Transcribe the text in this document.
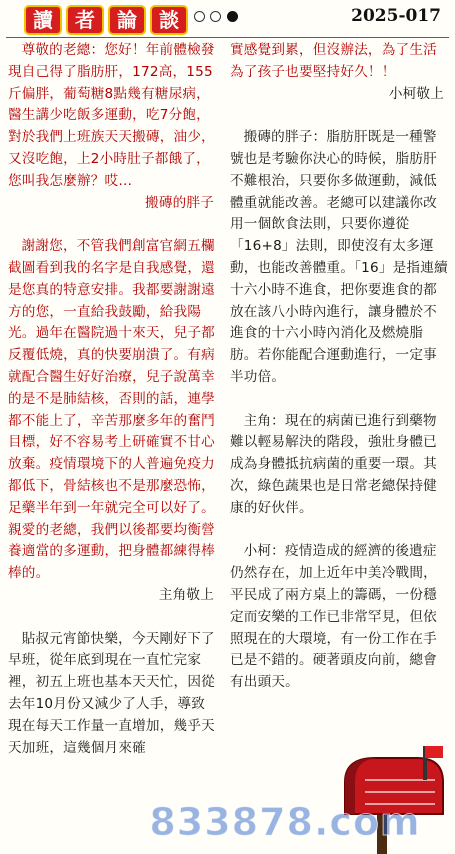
讀	者	論	談	2025-017

尊敬的老總：您好！年前體檢發現自己得了脂肪肝，172高，155斤偏胖，葡萄糖8點幾有糖尿病，醫生講少吃飯多運動，吃7分飽，對於我們上班族天天搬磚，油少，又沒吃飽，上2小時肚子都餓了，您叫我怎麼辦？哎…

搬磚的胖子

謝謝您，不管我們創富官網五欄截圖看到我的名字是自我感覺，還是您真的特意安排。我都要謝謝遠方的您，一直給我鼓勵，給我陽光。過年在醫院過十來天，兒子都反覆低燒，真的快要崩潰了。有病就配合醫生好好治療，兒子說萬幸的是不是肺結核，否則的話，連學都不能上了，辛苦那麼多年的奮鬥目標，好不容易考上研確實不甘心放棄。疫情環境下的人普遍免疫力都低下，骨結核也不是那麼恐怖，足藥半年到一年就完全可以好了。親愛的老總，我們以後都要均衡營養適當的多運動，把身體都練得棒棒的。

主角敬上

貼叔元宵節快樂，今天剛好下了早班，從年底到現在一直忙完家裡，初五上班也基本天天忙，因從去年10月份又減少了人手，導致現在每天工作量一直增加，幾乎天天加班，這幾個月來確

實感覺到累，但沒辦法，為了生活為了孩子也要堅持好久！！

小柯敬上

搬磚的胖子：脂肪肝既是一種警號也是考驗你決心的時候，脂肪肝不難根治，只要你多做運動，減低體重就能改善。老總可以建議你改用一個飲食法則，只要你遵從「16+8」法則，即使沒有太多運動，也能改善體重。「16」是指連續十六小時不進食，把你要進食的都放在該八小時內進行，讓身體於不進食的十六小時內消化及燃燒脂肪。若你能配合運動進行，一定事半功倍。

主角：現在的病菌已進行到藥物難以輕易解決的階段，強壯身體已成為身體抵抗病菌的重要一環。其次，綠色蔬果也是日常老總保持健康的好伙伴。

小柯：疫情造成的經濟的後遺症仍然存在，加上近年中美冷戰間，平民成了兩方桌上的籌碼，一份穩定而安樂的工作已非常罕見，但依照現在的大環境，有一份工作在手已是不錯的。硬著頭皮向前，總會有出頭天。

833878.com
